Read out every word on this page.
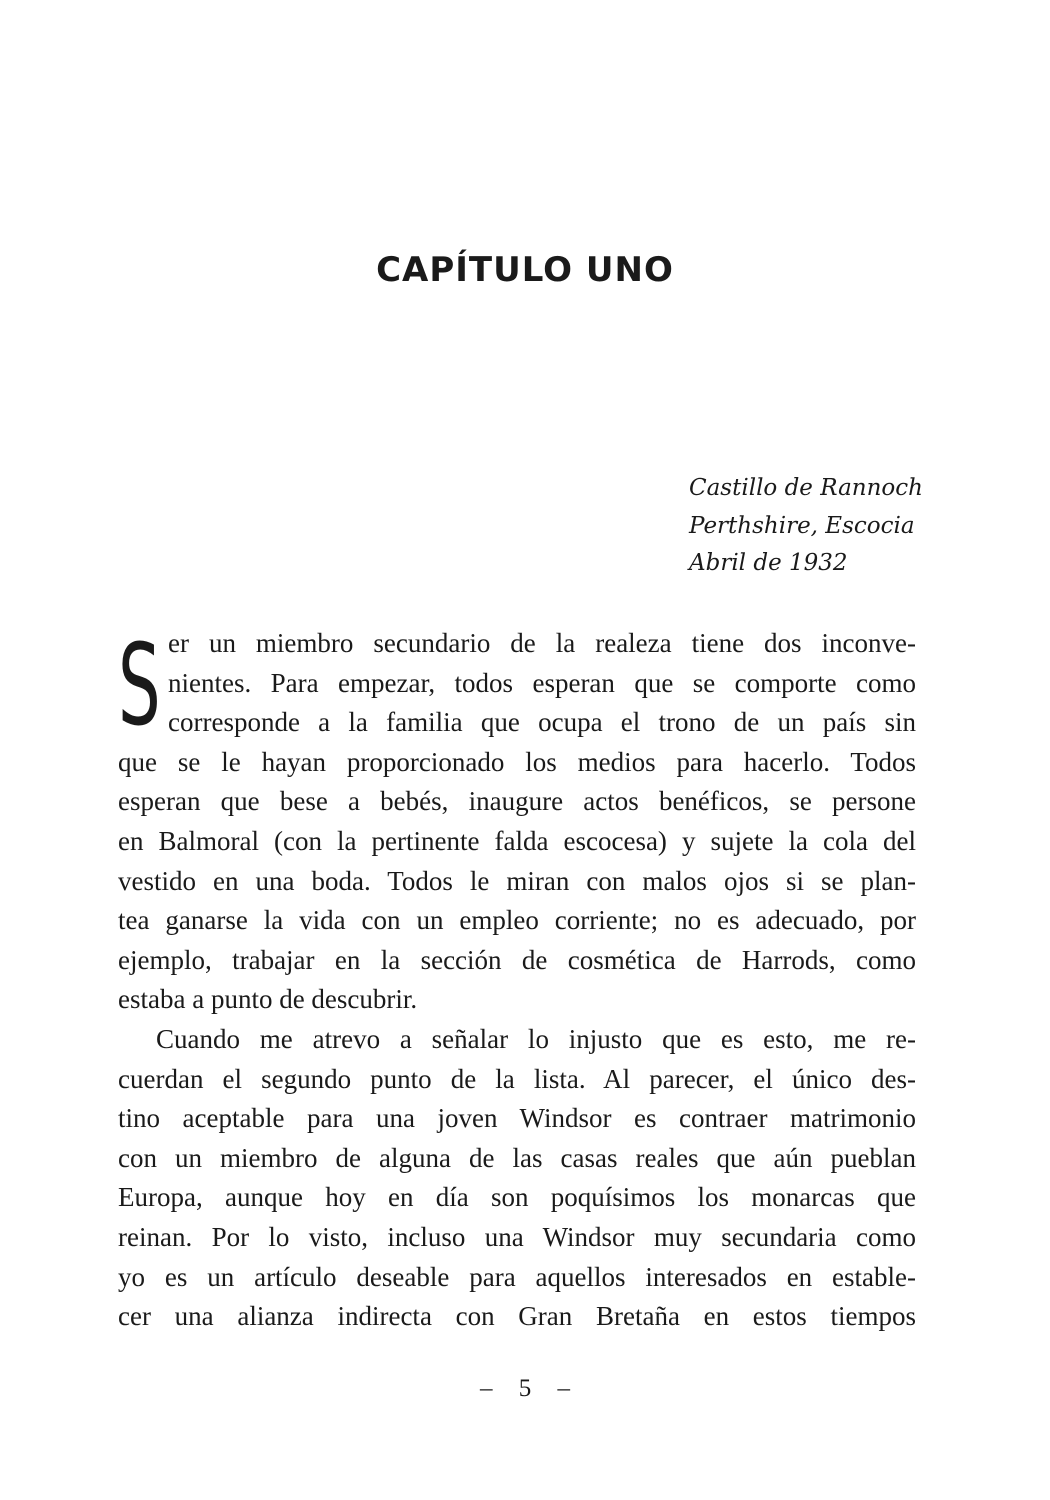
CAPÍTULO UNO
Castillo de Rannoch
Perthshire, Escocia
Abril de 1932
S er un miembro secundario de la realeza tiene dos inconve-
nientes. Para empezar, todos esperan que se comporte como
corresponde a la familia que ocupa el trono de un país sin
que se le hayan proporcionado los medios para hacerlo. Todos
esperan que bese a bebés, inaugure actos benéficos, se persone
en Balmoral (con la pertinente falda escocesa) y sujete la cola del
vestido en una boda. Todos le miran con malos ojos si se plan-
tea ganarse la vida con un empleo corriente; no es adecuado, por
ejemplo, trabajar en la sección de cosmética de Harrods, como
estaba a punto de descubrir.
Cuando me atrevo a señalar lo injusto que es esto, me re-
cuerdan el segundo punto de la lista. Al parecer, el único des-
tino aceptable para una joven Windsor es contraer matrimonio
con un miembro de alguna de las casas reales que aún pueblan
Europa, aunque hoy en día son poquísimos los monarcas que
reinan. Por lo visto, incluso una Windsor muy secundaria como
yo es un artículo deseable para aquellos interesados en estable-
cer una alianza indirecta con Gran Bretaña en estos tiempos
– 5 –
